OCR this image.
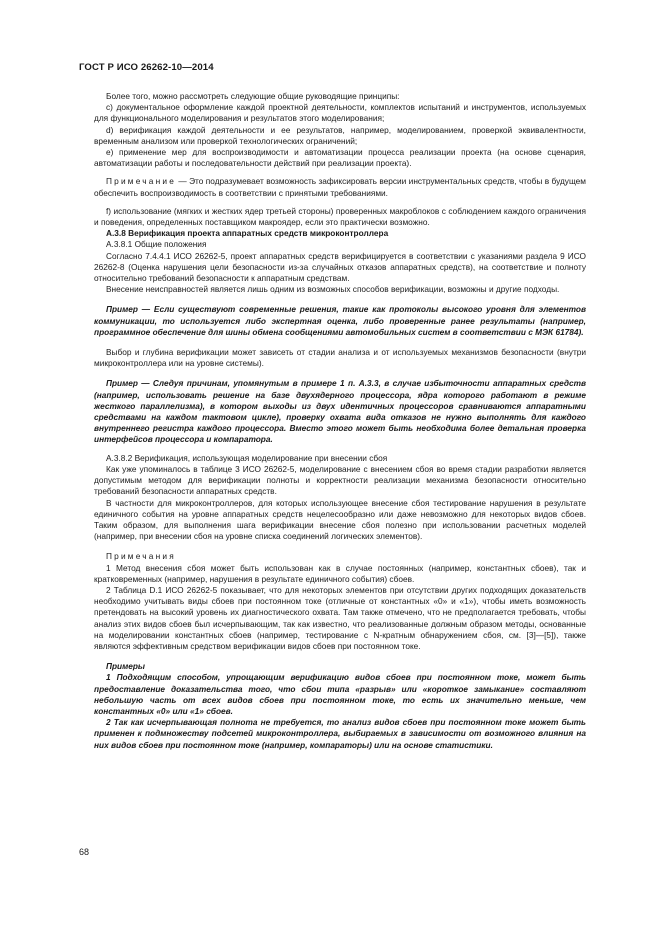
ГОСТ Р ИСО 26262-10—2014

Более того, можно рассмотреть следующие общие руководящие принципы:

c) документальное оформление каждой проектной деятельности, комплектов испытаний и инструментов, используемых для функционального моделирования и результатов этого моделирования;

d) верификация каждой деятельности и ее результатов, например, моделированием, проверкой эквивалентности, временным анализом или проверкой технологических ограничений;

e) применение мер для воспроизводимости и автоматизации процесса реализации проекта (на основе сценария, автоматизации работы и последовательности действий при реализации проекта).

Примечание — Это подразумевает возможность зафиксировать версии инструментальных средств, чтобы в будущем обеспечить воспроизводимость в соответствии с принятыми требованиями.

f) использование (мягких и жестких ядер третьей стороны) проверенных макроблоков с соблюдением каждого ограничения и поведения, определенных поставщиком макроядер, если это практически возможно.

А.3.8 Верификация проекта аппаратных средств микроконтроллера

А.3.8.1 Общие положения

Согласно 7.4.4.1 ИСО 26262-5, проект аппаратных средств верифицируется в соответствии с указаниями раздела 9 ИСО 26262-8 (Оценка нарушения цели безопасности из-за случайных отказов аппаратных средств), на соответствие и полноту относительно требований безопасности к аппаратным средствам.

Внесение неисправностей является лишь одним из возможных способов верификации, возможны и другие подходы.

Пример — Если существуют современные решения, такие как протоколы высокого уровня для элементов коммуникации, то используется либо экспертная оценка, либо проверенные ранее результаты (например, программное обеспечение для шины обмена сообщениями автомобильных систем в соответствии с МЭК 61784).

Выбор и глубина верификации может зависеть от стадии анализа и от используемых механизмов безопасности (внутри микроконтроллера или на уровне системы).

Пример — Следуя причинам, упомянутым в примере 1 п. А.3.3, в случае избыточности аппаратных средств (например, использовать решение на базе двухядерного процессора, ядра которого работают в режиме жесткого параллелизма), в котором выходы из двух идентичных процессоров сравниваются аппаратными средствами на каждом тактовом цикле), проверку охвата вида отказов не нужно выполнять для каждого внутреннего регистра каждого процессора. Вместо этого может быть необходима более детальная проверка интерфейсов процессора и компаратора.

А.3.8.2 Верификация, использующая моделирование при внесении сбоя

Как уже упоминалось в таблице 3 ИСО 26262-5, моделирование с внесением сбоя во время стадии разработки является допустимым методом для верификации полноты и корректности реализации механизма безопасности относительно требований безопасности аппаратных средств.

В частности для микроконтроллеров, для которых использующее внесение сбоя тестирование нарушения в результате единичного события на уровне аппаратных средств нецелесообразно или даже невозможно для некоторых видов сбоев. Таким образом, для выполнения шага верификации внесение сбоя полезно при использовании расчетных моделей (например, при внесении сбоя на уровне списка соединений логических элементов).

Примечания

1 Метод внесения сбоя может быть использован как в случае постоянных (например, константных сбоев), так и кратковременных (например, нарушения в результате единичного события) сбоев.

2 Таблица D.1 ИСО 26262-5 показывает, что для некоторых элементов при отсутствии других подходящих доказательств необходимо учитывать виды сбоев при постоянном токе (отличные от константных «0» и «1»), чтобы иметь возможность претендовать на высокий уровень их диагностического охвата. Там также отмечено, что не предполагается требовать, чтобы анализ этих видов сбоев был исчерпывающим, так как известно, что реализованные должным образом методы, основанные на моделировании константных сбоев (например, тестирование с N-кратным обнаружением сбоя, см. [3]—[5]), также являются эффективным средством верификации видов сбоев при постоянном токе.

Примеры

1 Подходящим способом, упрощающим верификацию видов сбоев при постоянном токе, может быть предоставление доказательства того, что сбои типа «разрыв» или «короткое замыкание» составляют небольшую часть от всех видов сбоев при постоянном токе, то есть их значительно меньше, чем константных «0» или «1» сбоев.

2 Так как исчерпывающая полнота не требуется, то анализ видов сбоев при постоянном токе может быть применен к подмножеству подсетей микроконтроллера, выбираемых в зависимости от возможного влияния на них видов сбоев при постоянном токе (например, компараторы) или на основе статистики.

68
